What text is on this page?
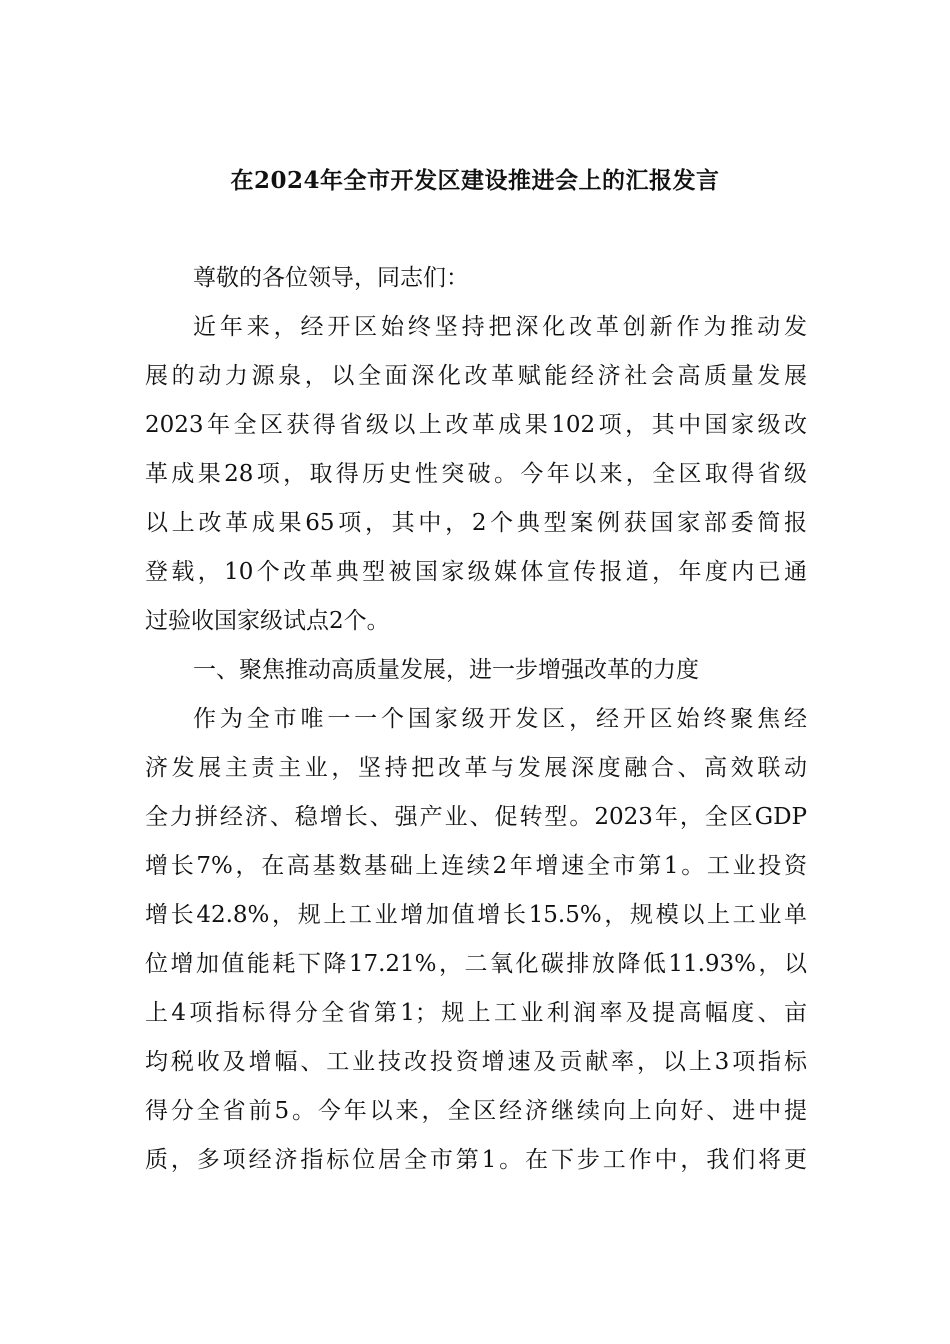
在2024年全市开发区建设推进会上的汇报发言
尊敬的各位领导，同志们：
近年来，经开区始终坚持把深化改革创新作为推动发
展的动力源泉，以全面深化改革赋能经济社会高质量发展
2023年全区获得省级以上改革成果102项，其中国家级改
革成果28项，取得历史性突破。今年以来，全区取得省级
以上改革成果65项，其中，2个典型案例获国家部委简报
登载，10个改革典型被国家级媒体宣传报道，年度内已通
过验收国家级试点2个。
一、聚焦推动高质量发展，进一步增强改革的力度
作为全市唯一一个国家级开发区，经开区始终聚焦经
济发展主责主业，坚持把改革与发展深度融合、高效联动
全力拼经济、稳增长、强产业、促转型。2023年，全区GDP
增长7%，在高基数基础上连续2年增速全市第1。工业投资
增长42.8%，规上工业增加值增长15.5%，规模以上工业单
位增加值能耗下降17.21%，二氧化碳排放降低11.93%，以
上4项指标得分全省第1；规上工业利润率及提高幅度、亩
均税收及增幅、工业技改投资增速及贡献率，以上3项指标
得分全省前5。今年以来，全区经济继续向上向好、进中提
质，多项经济指标位居全市第1。在下步工作中，我们将更
